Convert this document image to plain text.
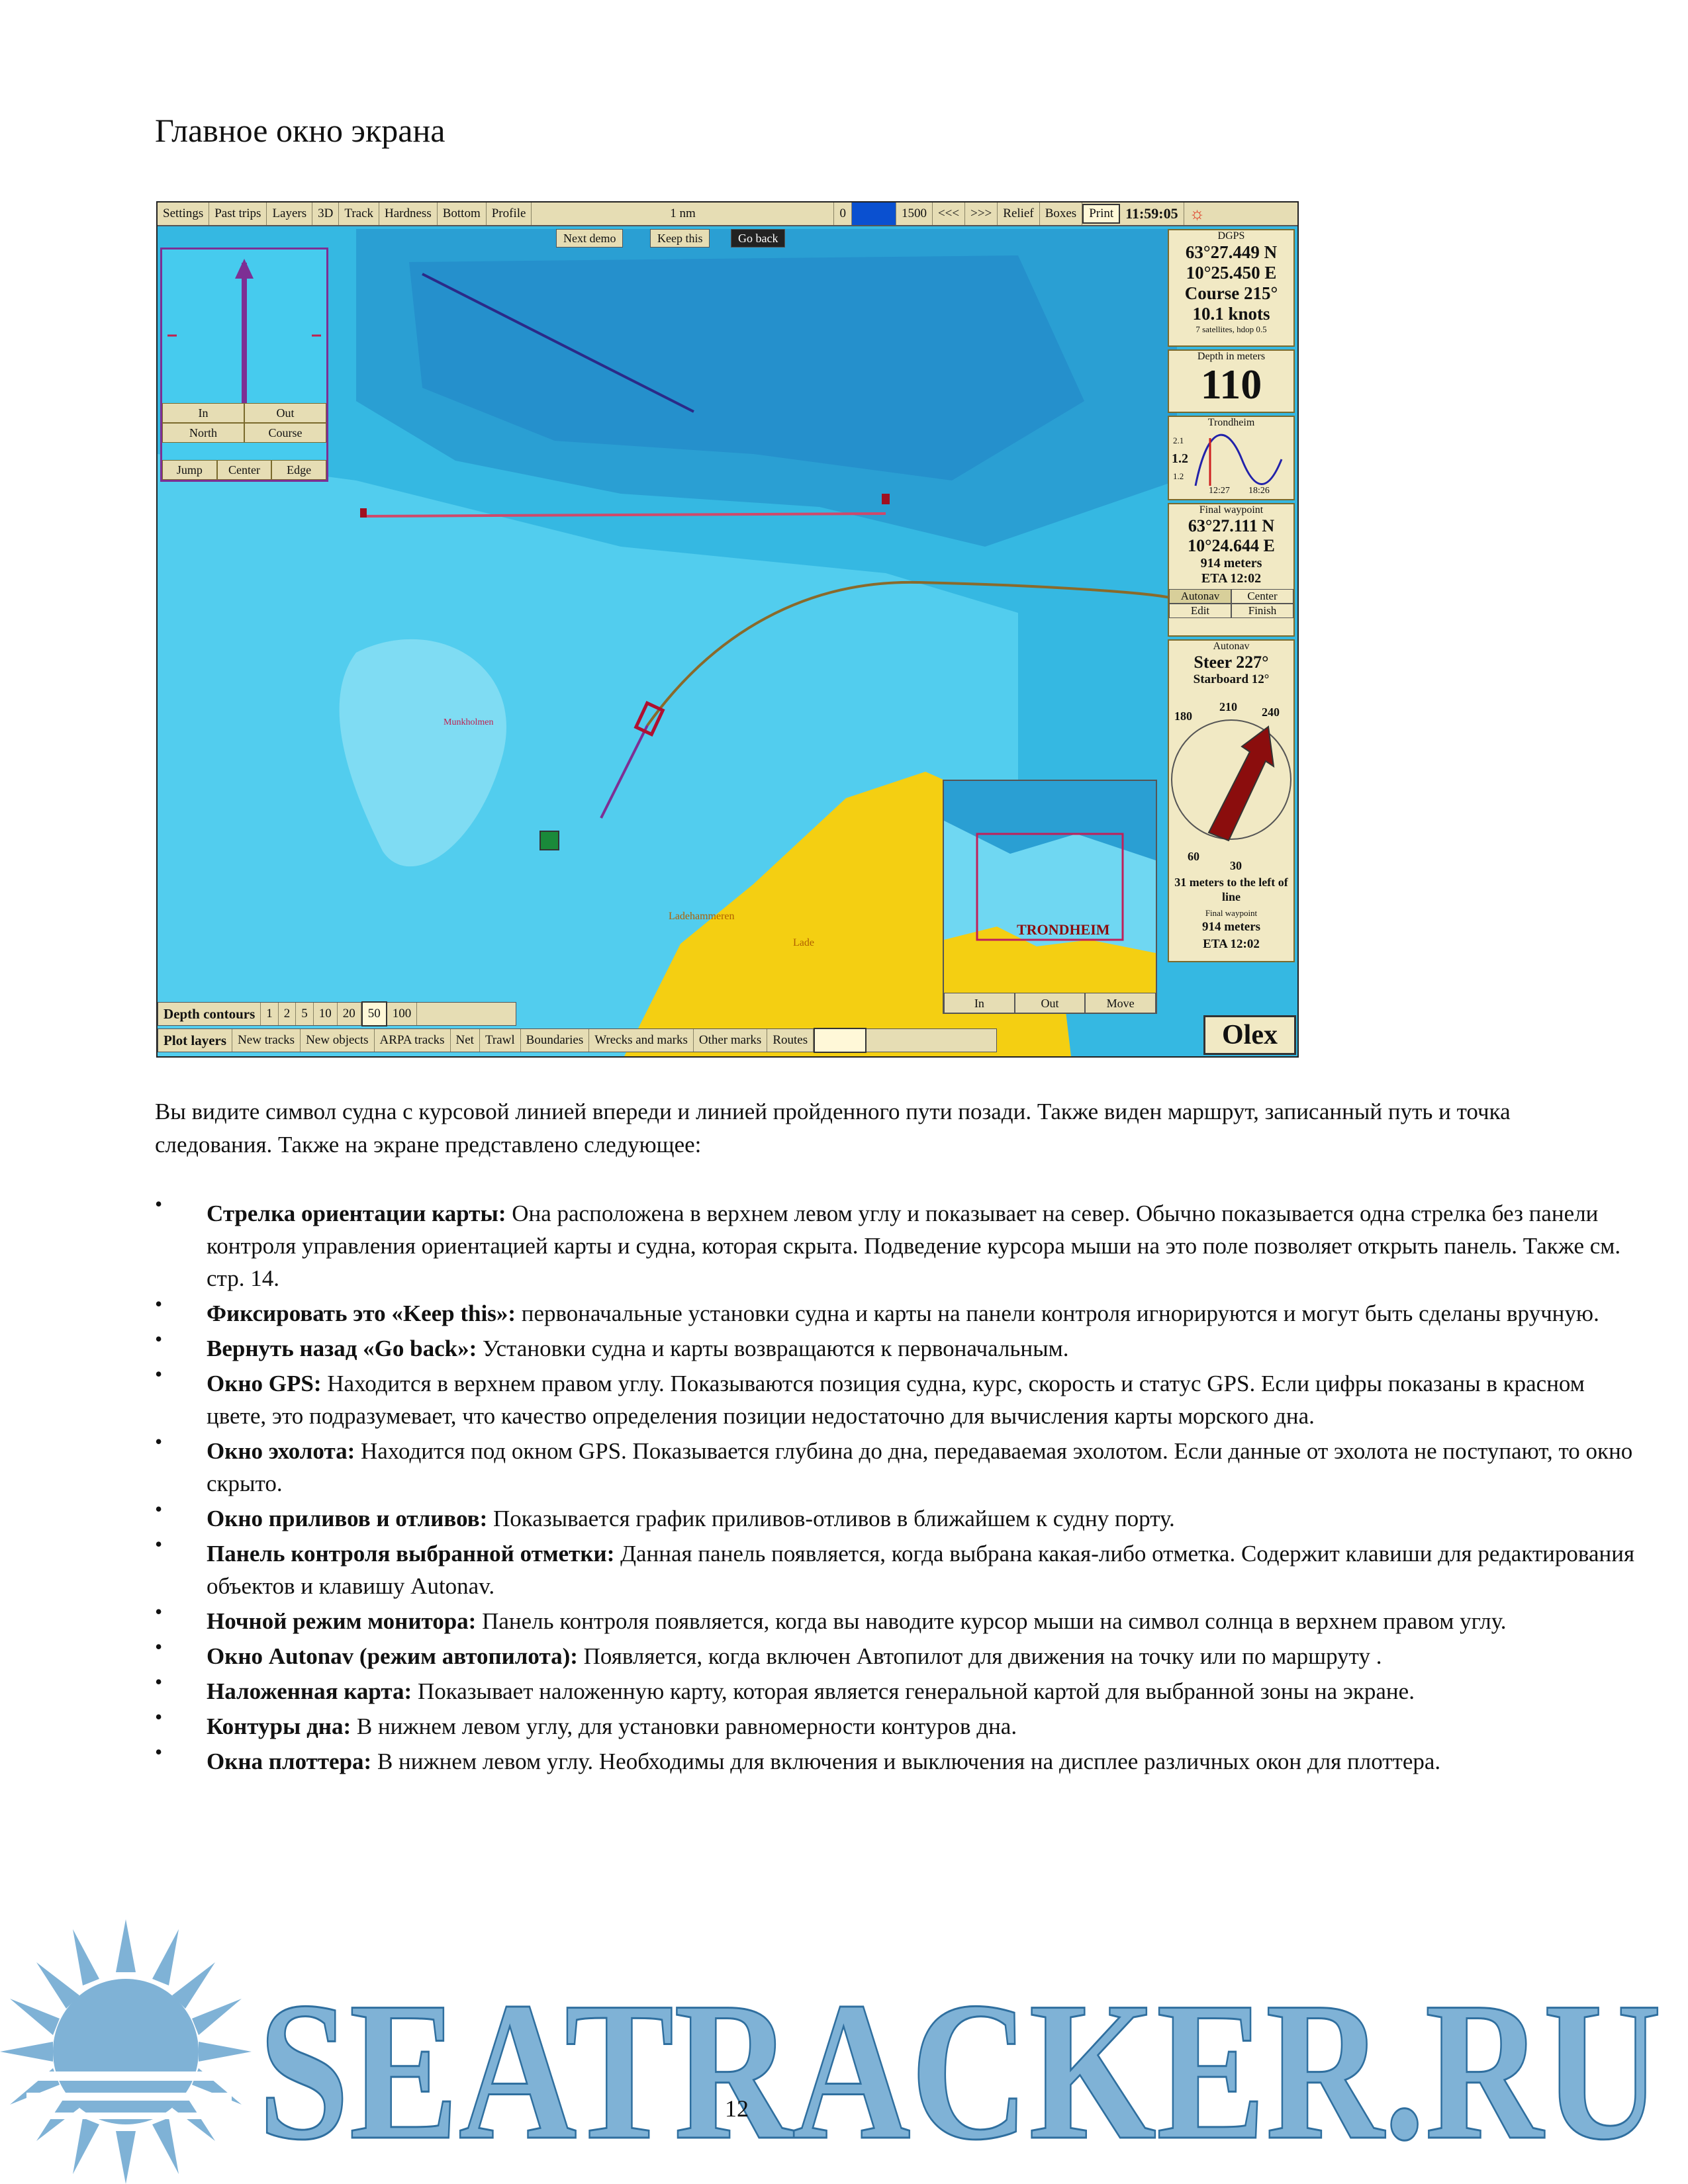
Главное окно экрана
Settings Past trips Layers 3D Track Hardness Bottom Profile	1 nm	0	1500 <<< >>> Relief Boxes	Print 11:59:05 ☼
Next demo	Keep this	Go back
In	Out
North	Course
Jump	Center	Edge
DGPS
63°27.449 N
10°25.450 E
Course 215°
10.1 knots
7 satellites, hdop 0.5
Depth in meters
110
Trondheim
2.1
1.2
1.2
12:27 18:26
Final waypoint
63°27.111 N
10°24.644 E
914 meters
ETA 12:02
Autonav	Center
Edit	Finish
Autonav
Steer 227°
Starboard 12°
180
210 240
60
30
31 meters to the left of line
Final waypoint
914 meters
ETA 12:02
Olex
TRONDHEIM
In	Out	Move
Munkholmen
Ladehammeren
Lade
Depth contours 1 2 5 10 20	50 100
Plot layers New tracks New objects ARPA tracks Net Trawl Boundaries Wrecks and marks Other marks Routes
Вы видите символ судна с курсовой линией впереди и линией пройденного пути позади. Также виден маршрут, записанный путь и точка следования. Также на экране представлено следующее:
• Стрелка ориентации карты: Она расположена в верхнем левом углу и показывает на север. Обычно показывается одна стрелка без панели контроля управления ориентацией карты и судна, которая скрыта. Подведение курсора мыши на это поле позволяет открыть панель. Также см. стр. 14.
• Фиксировать это «Keep this»: первоначальные установки судна и карты на панели контроля игнорируются и могут быть сделаны вручную.
• Вернуть назад «Go back»: Установки судна и карты возвращаются к первоначальным.
• Окно GPS: Находится в верхнем правом углу. Показываются позиция судна, курс, скорость и статус GPS. Если цифры показаны в красном цвете, это подразумевает, что качество определения позиции недостаточно для вычисления карты морского дна.
• Окно эхолота: Находится под окном GPS. Показывается глубина до дна, передаваемая эхолотом. Если данные от эхолота не поступают, то окно скрыто.
• Окно приливов и отливов: Показывается график приливов-отливов в ближайшем к судну порту.
• Панель контроля выбранной отметки: Данная панель появляется, когда выбрана какая-либо отметка. Содержит клавиши для редактирования объектов и клавишу Autonav.
• Ночной режим монитора: Панель контроля появляется, когда вы наводите курсор мыши на символ солнца в верхнем правом углу.
• Окно Autonav (режим автопилота): Появляется, когда включен Автопилот для движения на точку или по маршруту .
• Наложенная карта: Показывает наложенную карту, которая является генеральной картой для выбранной зоны на экране.
• Контуры дна: В нижнем левом углу, для установки равномерности контуров дна.
• Окна плоттера: В нижнем левом углу. Необходимы для включения и выключения на дисплее различных окон для плоттера.
SEATRACKER.RU
12
